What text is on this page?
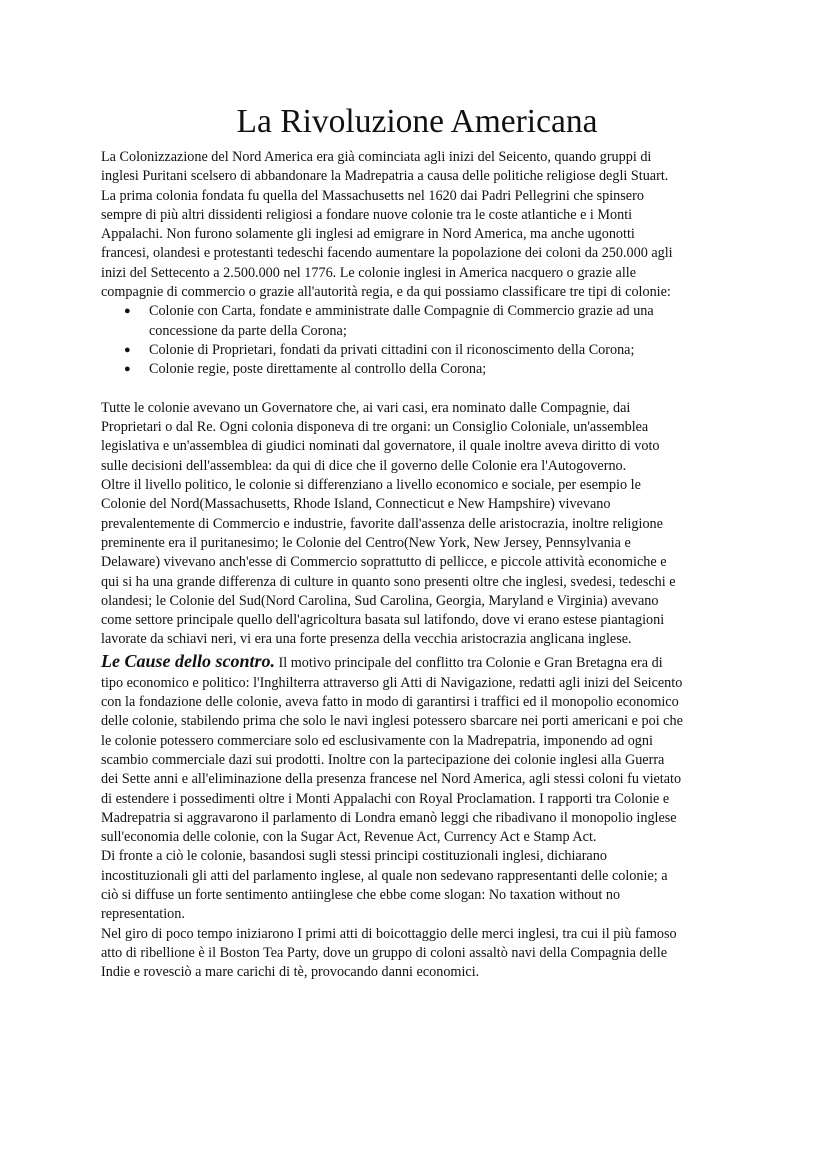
La Rivoluzione Americana
La Colonizzazione del Nord America era già cominciata agli inizi del Seicento, quando gruppi di
inglesi Puritani scelsero di abbandonare la Madrepatria a causa delle politiche religiose degli Stuart.
La prima colonia fondata fu quella del Massachusetts nel 1620 dai Padri Pellegrini che spinsero
sempre di più altri dissidenti religiosi a fondare nuove colonie tra le coste atlantiche e i Monti
Appalachi. Non furono solamente gli inglesi ad emigrare in Nord America, ma anche ugonotti
francesi, olandesi e protestanti tedeschi facendo aumentare la popolazione dei coloni da 250.000 agli
inizi del Settecento a 2.500.000 nel 1776. Le colonie inglesi in America nacquero o grazie alle
compagnie di commercio o grazie all'autorità regia, e da qui possiamo classificare tre tipi di colonie:
● Colonie con Carta, fondate e amministrate dalle Compagnie di Commercio grazie ad una
concessione da parte della Corona;
● Colonie di Proprietari, fondati da privati cittadini con il riconoscimento della Corona;
● Colonie regie, poste direttamente al controllo della Corona;
Tutte le colonie avevano un Governatore che, ai vari casi, era nominato dalle Compagnie, dai
Proprietari o dal Re. Ogni colonia disponeva di tre organi: un Consiglio Coloniale, un'assemblea
legislativa e un'assemblea di giudici nominati dal governatore, il quale inoltre aveva diritto di voto
sulle decisioni dell'assemblea: da qui di dice che il governo delle Colonie era l'Autogoverno.
Oltre il livello politico, le colonie si differenziano a livello economico e sociale, per esempio le
Colonie del Nord(Massachusetts, Rhode Island, Connecticut e New Hampshire) vivevano
prevalentemente di Commercio e industrie, favorite dall'assenza delle aristocrazia, inoltre religione
preminente era il puritanesimo; le Colonie del Centro(New York, New Jersey, Pennsylvania e
Delaware) vivevano anch'esse di Commercio soprattutto di pellicce, e piccole attività economiche e
qui si ha una grande differenza di culture in quanto sono presenti oltre che inglesi, svedesi, tedeschi e
olandesi; le Colonie del Sud(Nord Carolina, Sud Carolina, Georgia, Maryland e Virginia) avevano
come settore principale quello dell'agricoltura basata sul latifondo, dove vi erano estese piantagioni
lavorate da schiavi neri, vi era una forte presenza della vecchia aristocrazia anglicana inglese.
Le Cause dello scontro. Il motivo principale del conflitto tra Colonie e Gran Bretagna era di
tipo economico e politico: l'Inghilterra attraverso gli Atti di Navigazione, redatti agli inizi del Seicento
con la fondazione delle colonie, aveva fatto in modo di garantirsi i traffici ed il monopolio economico
delle colonie, stabilendo prima che solo le navi inglesi potessero sbarcare nei porti americani e poi che
le colonie potessero commerciare solo ed esclusivamente con la Madrepatria, imponendo ad ogni
scambio commerciale dazi sui prodotti. Inoltre con la partecipazione dei colonie inglesi alla Guerra
dei Sette anni e all'eliminazione della presenza francese nel Nord America, agli stessi coloni fu vietato
di estendere i possedimenti oltre i Monti Appalachi con Royal Proclamation. I rapporti tra Colonie e
Madrepatria si aggravarono il parlamento di Londra emanò leggi che ribadivano il monopolio inglese
sull'economia delle colonie, con la Sugar Act, Revenue Act, Currency Act e Stamp Act.
Di fronte a ciò le colonie, basandosi sugli stessi principi costituzionali inglesi, dichiarano
incostituzionali gli atti del parlamento inglese, al quale non sedevano rappresentanti delle colonie; a
ciò si diffuse un forte sentimento antiinglese che ebbe come slogan: No taxation without no
representation.
Nel giro di poco tempo iniziarono I primi atti di boicottaggio delle merci inglesi, tra cui il più famoso
atto di ribellione è il Boston Tea Party, dove un gruppo di coloni assaltò navi della Compagnia delle
Indie e rovesciò a mare carichi di tè, provocando danni economici.
